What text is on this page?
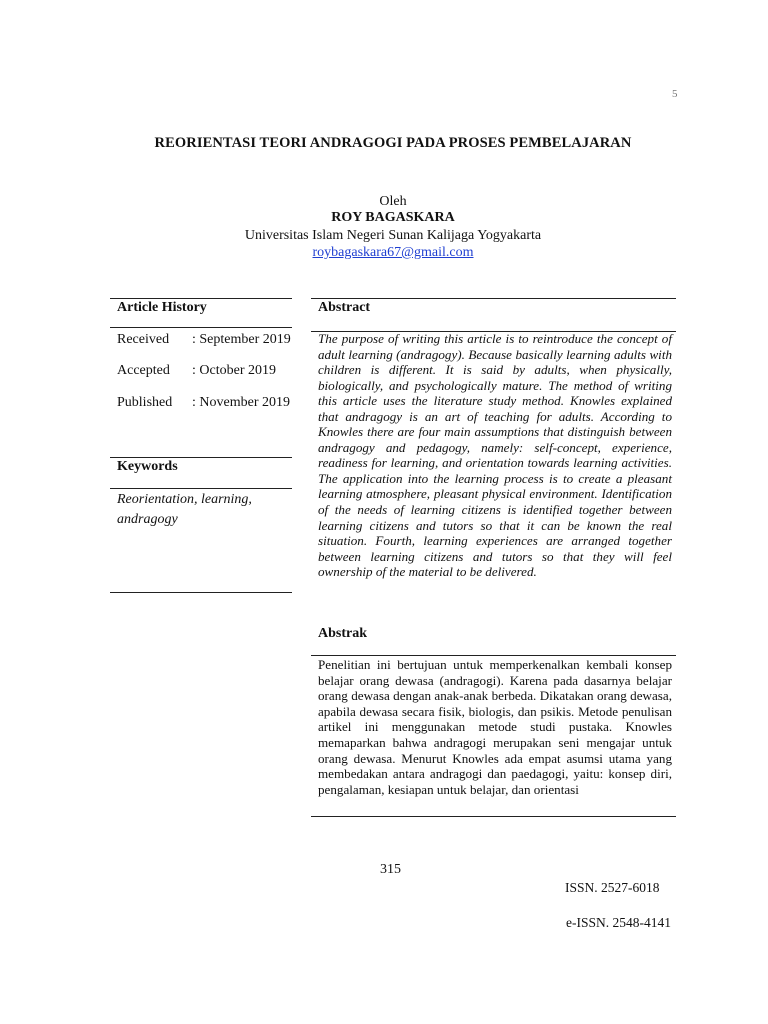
5
REORIENTASI TEORI ANDRAGOGI PADA PROSES PEMBELAJARAN
Oleh
ROY BAGASKARA
Universitas Islam Negeri Sunan Kalijaga Yogyakarta
roybagaskara67@gmail.com
Article History
Received : September 2019
Accepted : October 2019
Published : November 2019
Keywords
Reorientation, learning, andragogy
Abstract
The purpose of writing this article is to reintroduce the concept of adult learning (andragogy). Because basically learning adults with children is different. It is said by adults, when physically, biologically, and psychologically mature. The method of writing this article uses the literature study method. Knowles explained that andragogy is an art of teaching for adults. According to Knowles there are four main assumptions that distinguish between andragogy and pedagogy, namely: self-concept, experience, readiness for learning, and orientation towards learning activities. The application into the learning process is to create a pleasant learning atmosphere, pleasant physical environment. Identification of the needs of learning citizens is identified together between learning citizens and tutors so that it can be known the real situation. Fourth, learning experiences are arranged together between learning citizens and tutors so that they will feel ownership of the material to be delivered.
Abstrak
Penelitian ini bertujuan untuk memperkenalkan kembali konsep belajar orang dewasa (andragogi). Karena pada dasarnya belajar orang dewasa dengan anak-anak berbeda. Dikatakan orang dewasa, apabila dewasa secara fisik, biologis, dan psikis. Metode penulisan artikel ini menggunakan metode studi pustaka. Knowles memaparkan bahwa andragogi merupakan seni mengajar untuk orang dewasa. Menurut Knowles ada empat asumsi utama yang membedakan antara andragogi dan paedagogi, yaitu: konsep diri, pengalaman, kesiapan untuk belajar, dan orientasi
315
ISSN. 2527-6018
e-ISSN. 2548-4141
